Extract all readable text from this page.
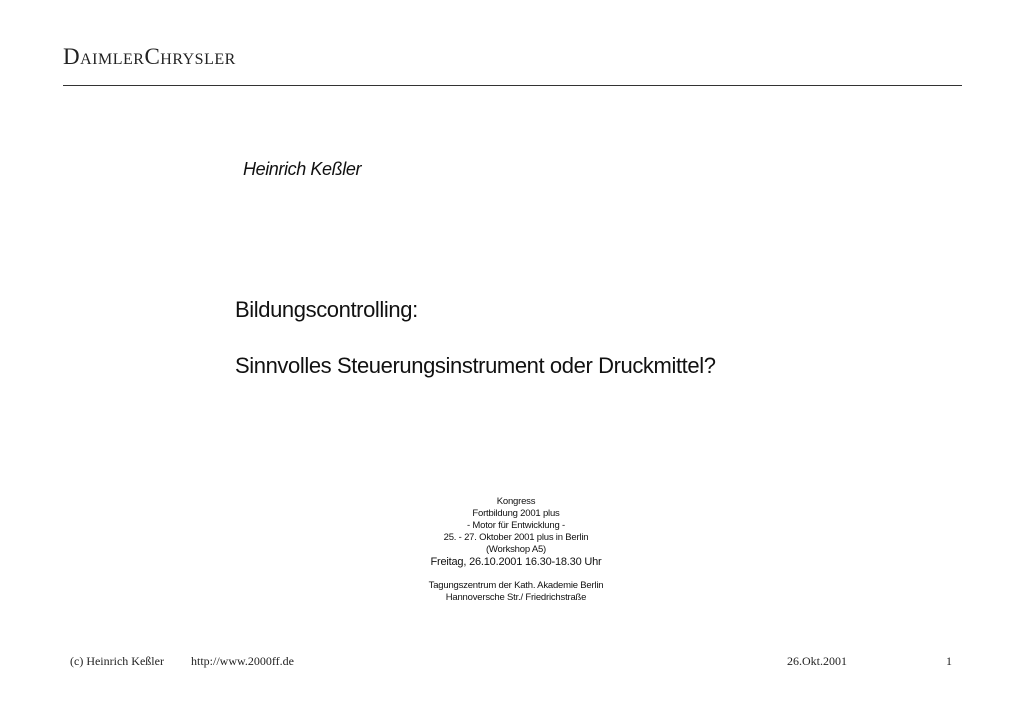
DaimlerChrysler
Heinrich Keßler
Bildungscontrolling:
Sinnvolles Steuerungsinstrument oder Druckmittel?
Kongress
Fortbildung 2001 plus
- Motor für Entwicklung -
25. - 27. Oktober 2001 plus in Berlin
(Workshop A5)
Freitag, 26.10.2001 16.30-18.30 Uhr
Tagungszentrum der Kath. Akademie Berlin
Hannoversche Str./ Friedrichstraße
(c) Heinrich Keßler http://www.2000ff.de	26.Okt.2001	1
